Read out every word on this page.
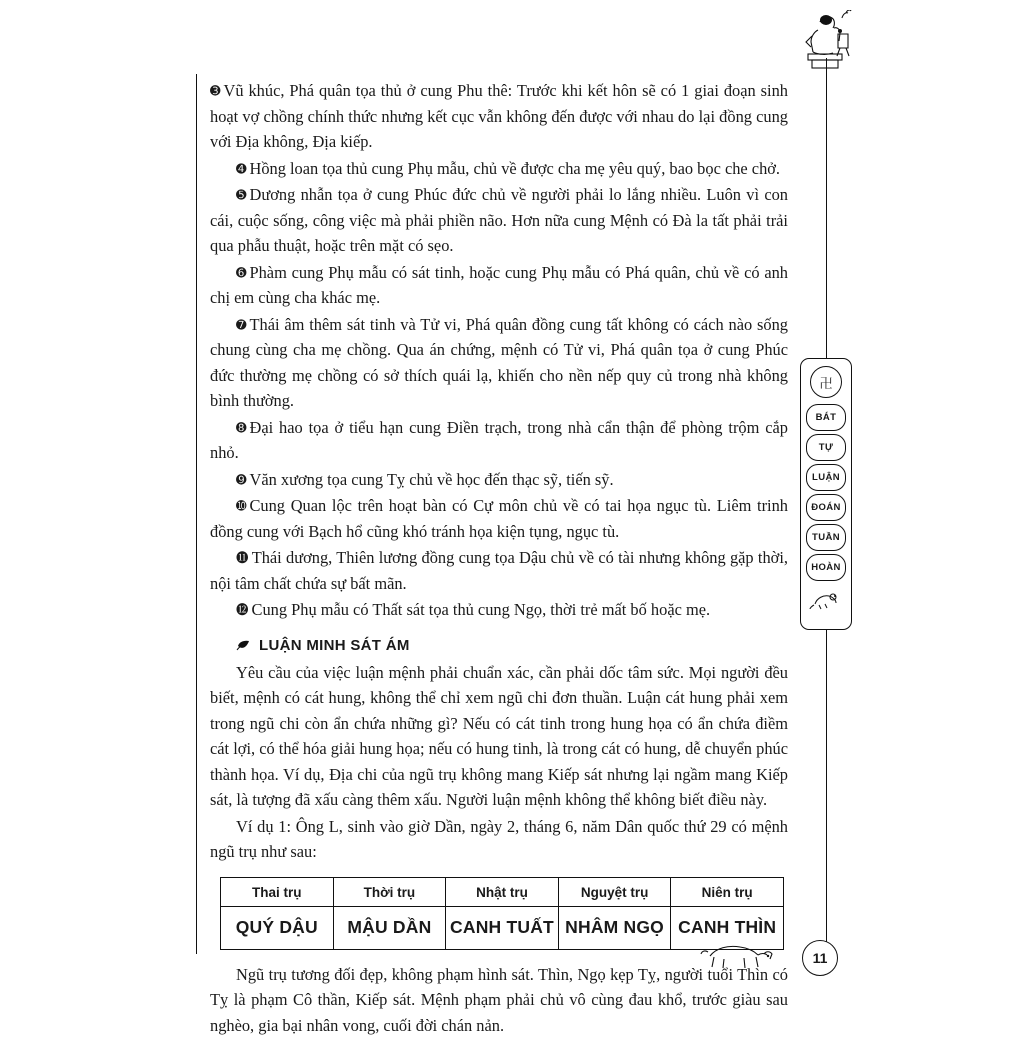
➌ Vũ khúc, Phá quân tọa thủ ở cung Phu thê: Trước khi kết hôn sẽ có 1 giai đoạn sinh hoạt vợ chồng chính thức nhưng kết cục vẫn không đến được với nhau do lại đồng cung với Địa không, Địa kiếp.

➍ Hồng loan tọa thủ cung Phụ mẫu, chủ về được cha mẹ yêu quý, bao bọc che chở.

➎ Dương nhẫn tọa ở cung Phúc đức chủ về người phải lo lắng nhiều. Luôn vì con cái, cuộc sống, công việc mà phải phiền não. Hơn nữa cung Mệnh có Đà la tất phải trải qua phẫu thuật, hoặc trên mặt có sẹo.

➏ Phàm cung Phụ mẫu có sát tinh, hoặc cung Phụ mẫu có Phá quân, chủ về có anh chị em cùng cha khác mẹ.

➐ Thái âm thêm sát tinh và Tử vi, Phá quân đồng cung tất không có cách nào sống chung cùng cha mẹ chồng. Qua án chứng, mệnh có Tử vi, Phá quân tọa ở cung Phúc đức thường mẹ chồng có sở thích quái lạ, khiến cho nền nếp quy củ trong nhà không bình thường.

➑ Đại hao tọa ở tiểu hạn cung Điền trạch, trong nhà cẩn thận để phòng trộm cắp nhỏ.

➒ Văn xương tọa cung Tỵ chủ về học đến thạc sỹ, tiến sỹ.

➓ Cung Quan lộc trên hoạt bàn có Cự môn chủ về có tai họa ngục tù. Liêm trinh đồng cung với Bạch hổ cũng khó tránh họa kiện tụng, ngục tù.

⓫ Thái dương, Thiên lương đồng cung tọa Dậu chủ về có tài nhưng không gặp thời, nội tâm chất chứa sự bất mãn.

⓬ Cung Phụ mẫu có Thất sát tọa thủ cung Ngọ, thời trẻ mất bố hoặc mẹ.

LUẬN MINH SÁT ÁM

Yêu cầu của việc luận mệnh phải chuẩn xác, cần phải dốc tâm sức. Mọi người đều biết, mệnh có cát hung, không thể chỉ xem ngũ chi đơn thuần. Luận cát hung phải xem trong ngũ chi còn ẩn chứa những gì? Nếu có cát tinh trong hung họa có ẩn chứa điềm cát lợi, có thể hóa giải hung họa; nếu có hung tinh, là trong cát có hung, dễ chuyển phúc thành họa. Ví dụ, Địa chi của ngũ trụ không mang Kiếp sát nhưng lại ngầm mang Kiếp sát, là tượng đã xấu càng thêm xấu. Người luận mệnh không thể không biết điều này.

Ví dụ 1: Ông L, sinh vào giờ Dần, ngày 2, tháng 6, năm Dân quốc thứ 29 có mệnh ngũ trụ như sau:

Thai trụ	Thời trụ	Nhật trụ	Nguyệt trụ	Niên trụ
QUÝ DẬU	MẬU DẦN	CANH TUẤT	NHÂM NGỌ	CANH THÌN

Ngũ trụ tương đối đẹp, không phạm hình sát. Thìn, Ngọ kẹp Tỵ, người tuổi Thìn có Tỵ là phạm Cô thần, Kiếp sát. Mệnh phạm phải chủ vô cùng đau khổ, trước giàu sau nghèo, gia bại nhân vong, cuối đời chán nản.

卍
BÁT
TỰ
LUẬN
ĐOÁN
TUẦN
HOÀN
11
